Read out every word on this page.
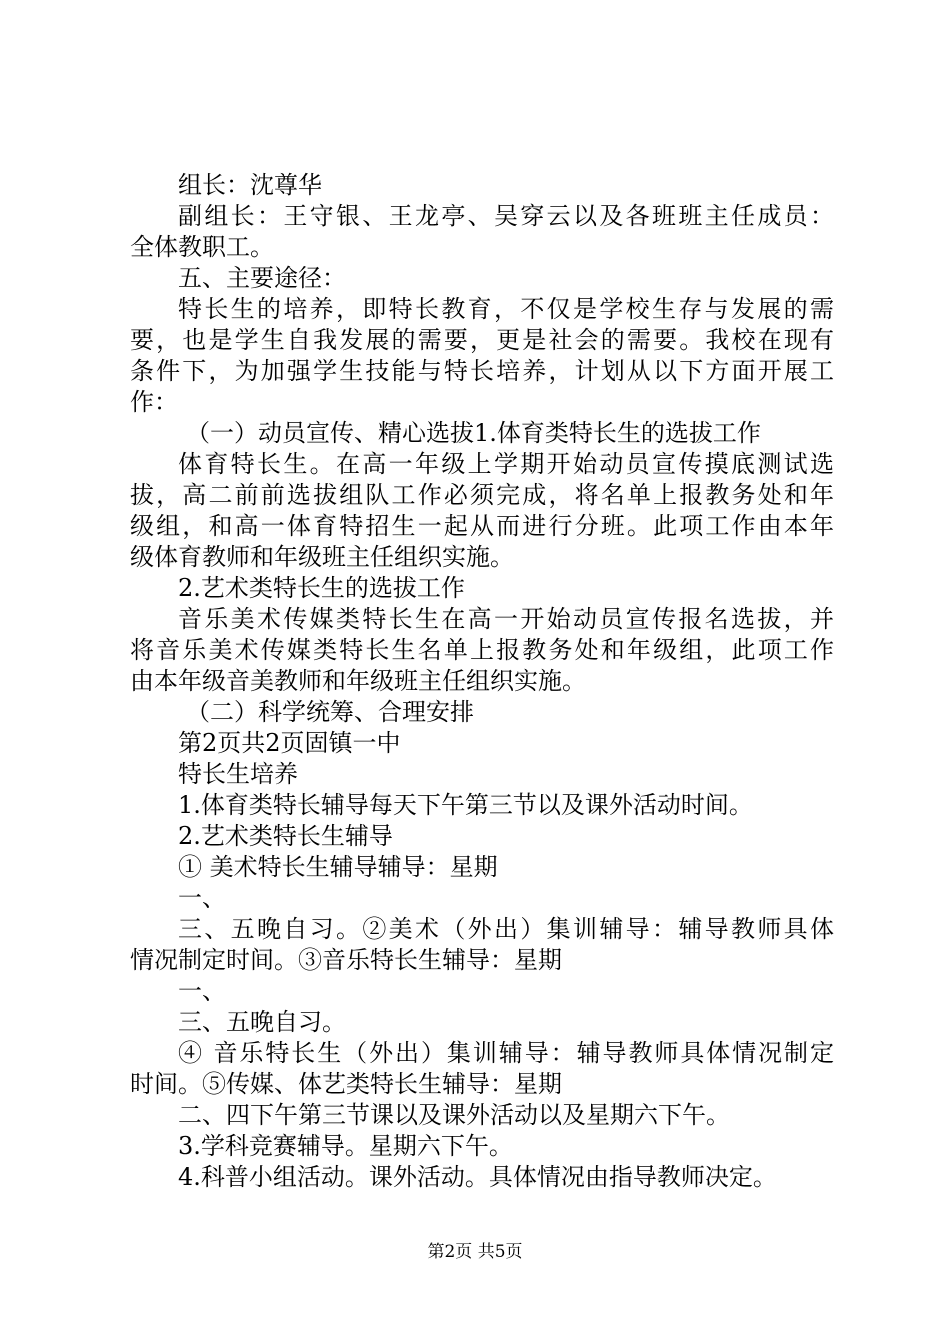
组长：沈尊华
副组长：王守银、王龙亭、吴穿云以及各班班主任成员：
全体教职工。
五、主要途径：
特长生的培养，即特长教育，不仅是学校生存与发展的需
要，也是学生自我发展的需要，更是社会的需要。我校在现有
条件下，为加强学生技能与特长培养，计划从以下方面开展工
作：
（一）动员宣传、精心选拔1.体育类特长生的选拔工作
体育特长生。在高一年级上学期开始动员宣传摸底测试选
拔，高二前前选拔组队工作必须完成，将名单上报教务处和年
级组，和高一体育特招生一起从而进行分班。此项工作由本年
级体育教师和年级班主任组织实施。
2.艺术类特长生的选拔工作
音乐美术传媒类特长生在高一开始动员宣传报名选拔，并
将音乐美术传媒类特长生名单上报教务处和年级组，此项工作
由本年级音美教师和年级班主任组织实施。
（二）科学统筹、合理安排
第2页共2页固镇一中
特长生培养
1.体育类特长辅导每天下午第三节以及课外活动时间。
2.艺术类特长生辅导
① 美术特长生辅导辅导：星期
一、
三、五晚自习。②美术（外出）集训辅导：辅导教师具体
情况制定时间。③音乐特长生辅导：星期
一、
三、五晚自习。
④ 音乐特长生（外出）集训辅导：辅导教师具体情况制定
时间。⑤传媒、体艺类特长生辅导：星期
二、四下午第三节课以及课外活动以及星期六下午。
3.学科竞赛辅导。星期六下午。
4.科普小组活动。课外活动。具体情况由指导教师决定。
第2页 共5页
